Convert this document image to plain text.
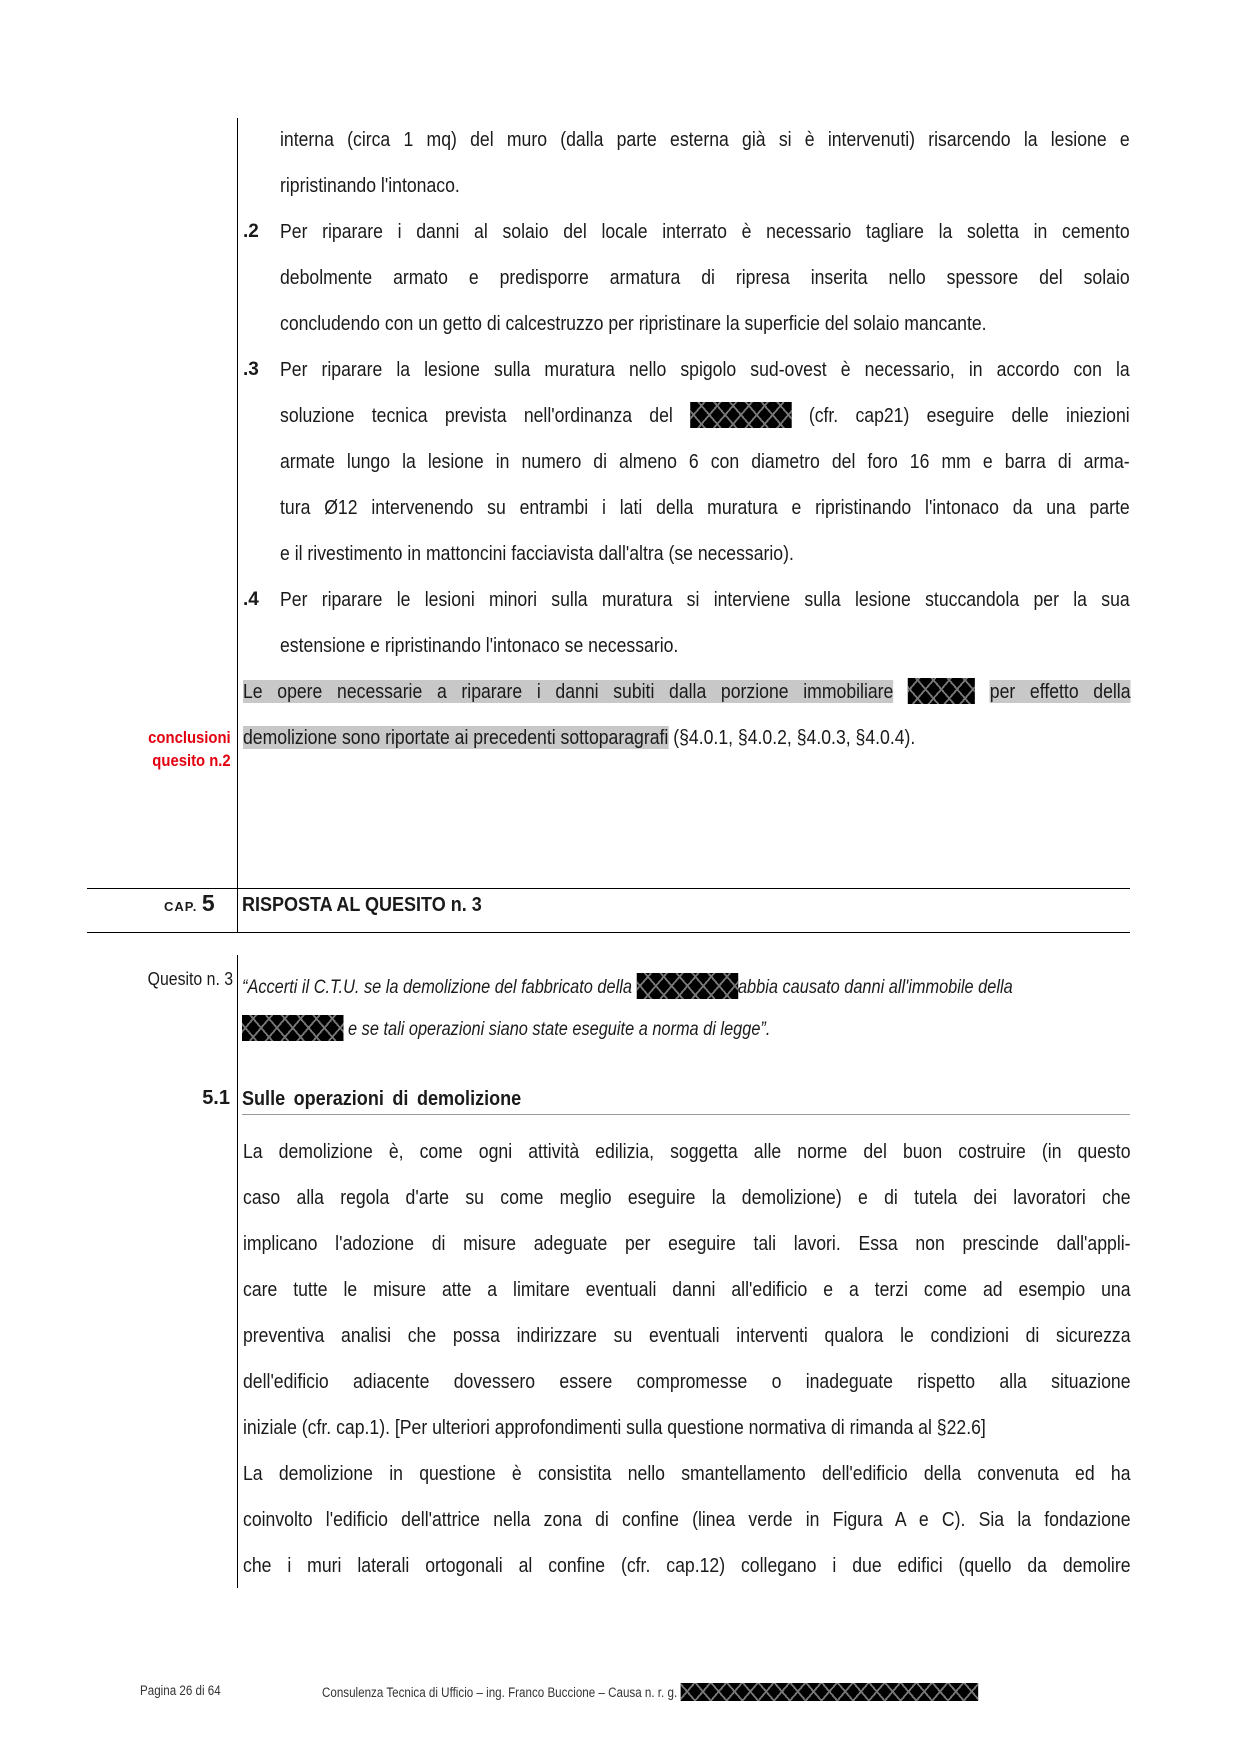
interna (circa 1 mq) del muro (dalla parte esterna già si è intervenuti) risarcendo la lesione e
ripristinando l'intonaco.
.2 Per riparare i danni al solaio del locale interrato è necessario tagliare la soletta in cemento
debolmente armato e predisporre armatura di ripresa inserita nello spessore del solaio
concludendo con un getto di calcestruzzo per ripristinare la superficie del solaio mancante.
.3 Per riparare la lesione sulla muratura nello spigolo sud-ovest è necessario, in accordo con la
soluzione tecnica prevista nell'ordinanza del	(cfr. cap21) eseguire delle iniezioni
armate lungo la lesione in numero di almeno 6 con diametro del foro 16 mm e barra di arma-
tura Ø12 intervenendo su entrambi i lati della muratura e ripristinando l'intonaco da una parte
e il rivestimento in mattoncini facciavista dall'altra (se necessario).
.4 Per riparare le lesioni minori sulla muratura si interviene sulla lesione stuccandola per la sua
estensione e ripristinando l'intonaco se necessario.
Le opere necessarie a riparare i danni subiti dalla porzione immobiliare	per effetto della
demolizione sono riportate ai precedenti sottoparagrafi (§4.0.1, §4.0.2, §4.0.3, §4.0.4).
conclusioni
quesito n.2
CAP. 5 RISPOSTA AL QUESITO n. 3
Quesito n. 3 “Accerti il C.T.U. se la demolizione del fabbricato della	abbia causato danni all'immobile della
e se tali operazioni siano state eseguite a norma di legge”.
5.1 Sulle operazioni di demolizione
La demolizione è, come ogni attività edilizia, soggetta alle norme del buon costruire (in questo
caso alla regola d'arte su come meglio eseguire la demolizione) e di tutela dei lavoratori che
implicano l'adozione di misure adeguate per eseguire tali lavori. Essa non prescinde dall'appli-
care tutte le misure atte a limitare eventuali danni all'edificio e a terzi come ad esempio una
preventiva analisi che possa indirizzare su eventuali interventi qualora le condizioni di sicurezza
dell'edificio adiacente dovessero essere compromesse o inadeguate rispetto alla situazione
iniziale (cfr. cap.1). [Per ulteriori approfondimenti sulla questione normativa di rimanda al §22.6]
La demolizione in questione è consistita nello smantellamento dell'edificio della convenuta ed ha
coinvolto l'edificio dell'attrice nella zona di confine (linea verde in Figura A e C). Sia la fondazione
che i muri laterali ortogonali al confine (cfr. cap.12) collegano i due edifici (quello da demolire
Pagina 26 di 64	Consulenza Tecnica di Ufficio – ing. Franco Buccione – Causa n. r. g.
